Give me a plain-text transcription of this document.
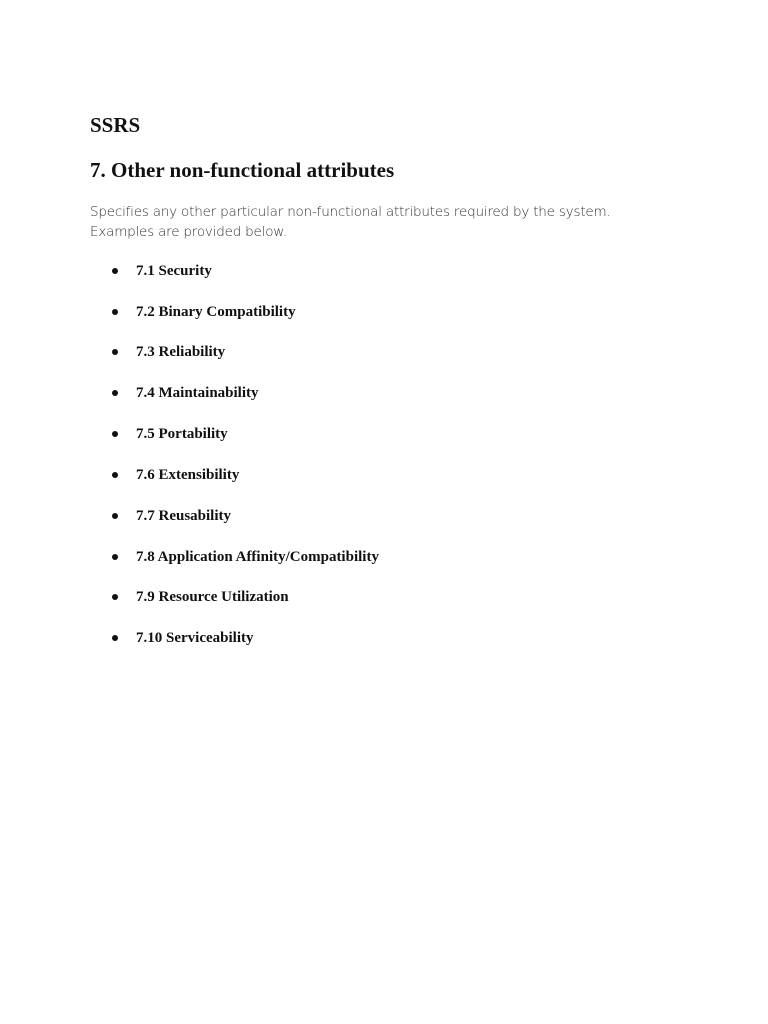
SSRS
7. Other non-functional attributes

Specifies any other particular non-functional attributes required by the system.
Examples are provided below.

7.1 Security
7.2 Binary Compatibility
7.3 Reliability
7.4 Maintainability
7.5 Portability
7.6 Extensibility
7.7 Reusability
7.8 Application Affinity/Compatibility
7.9 Resource Utilization
7.10 Serviceability
